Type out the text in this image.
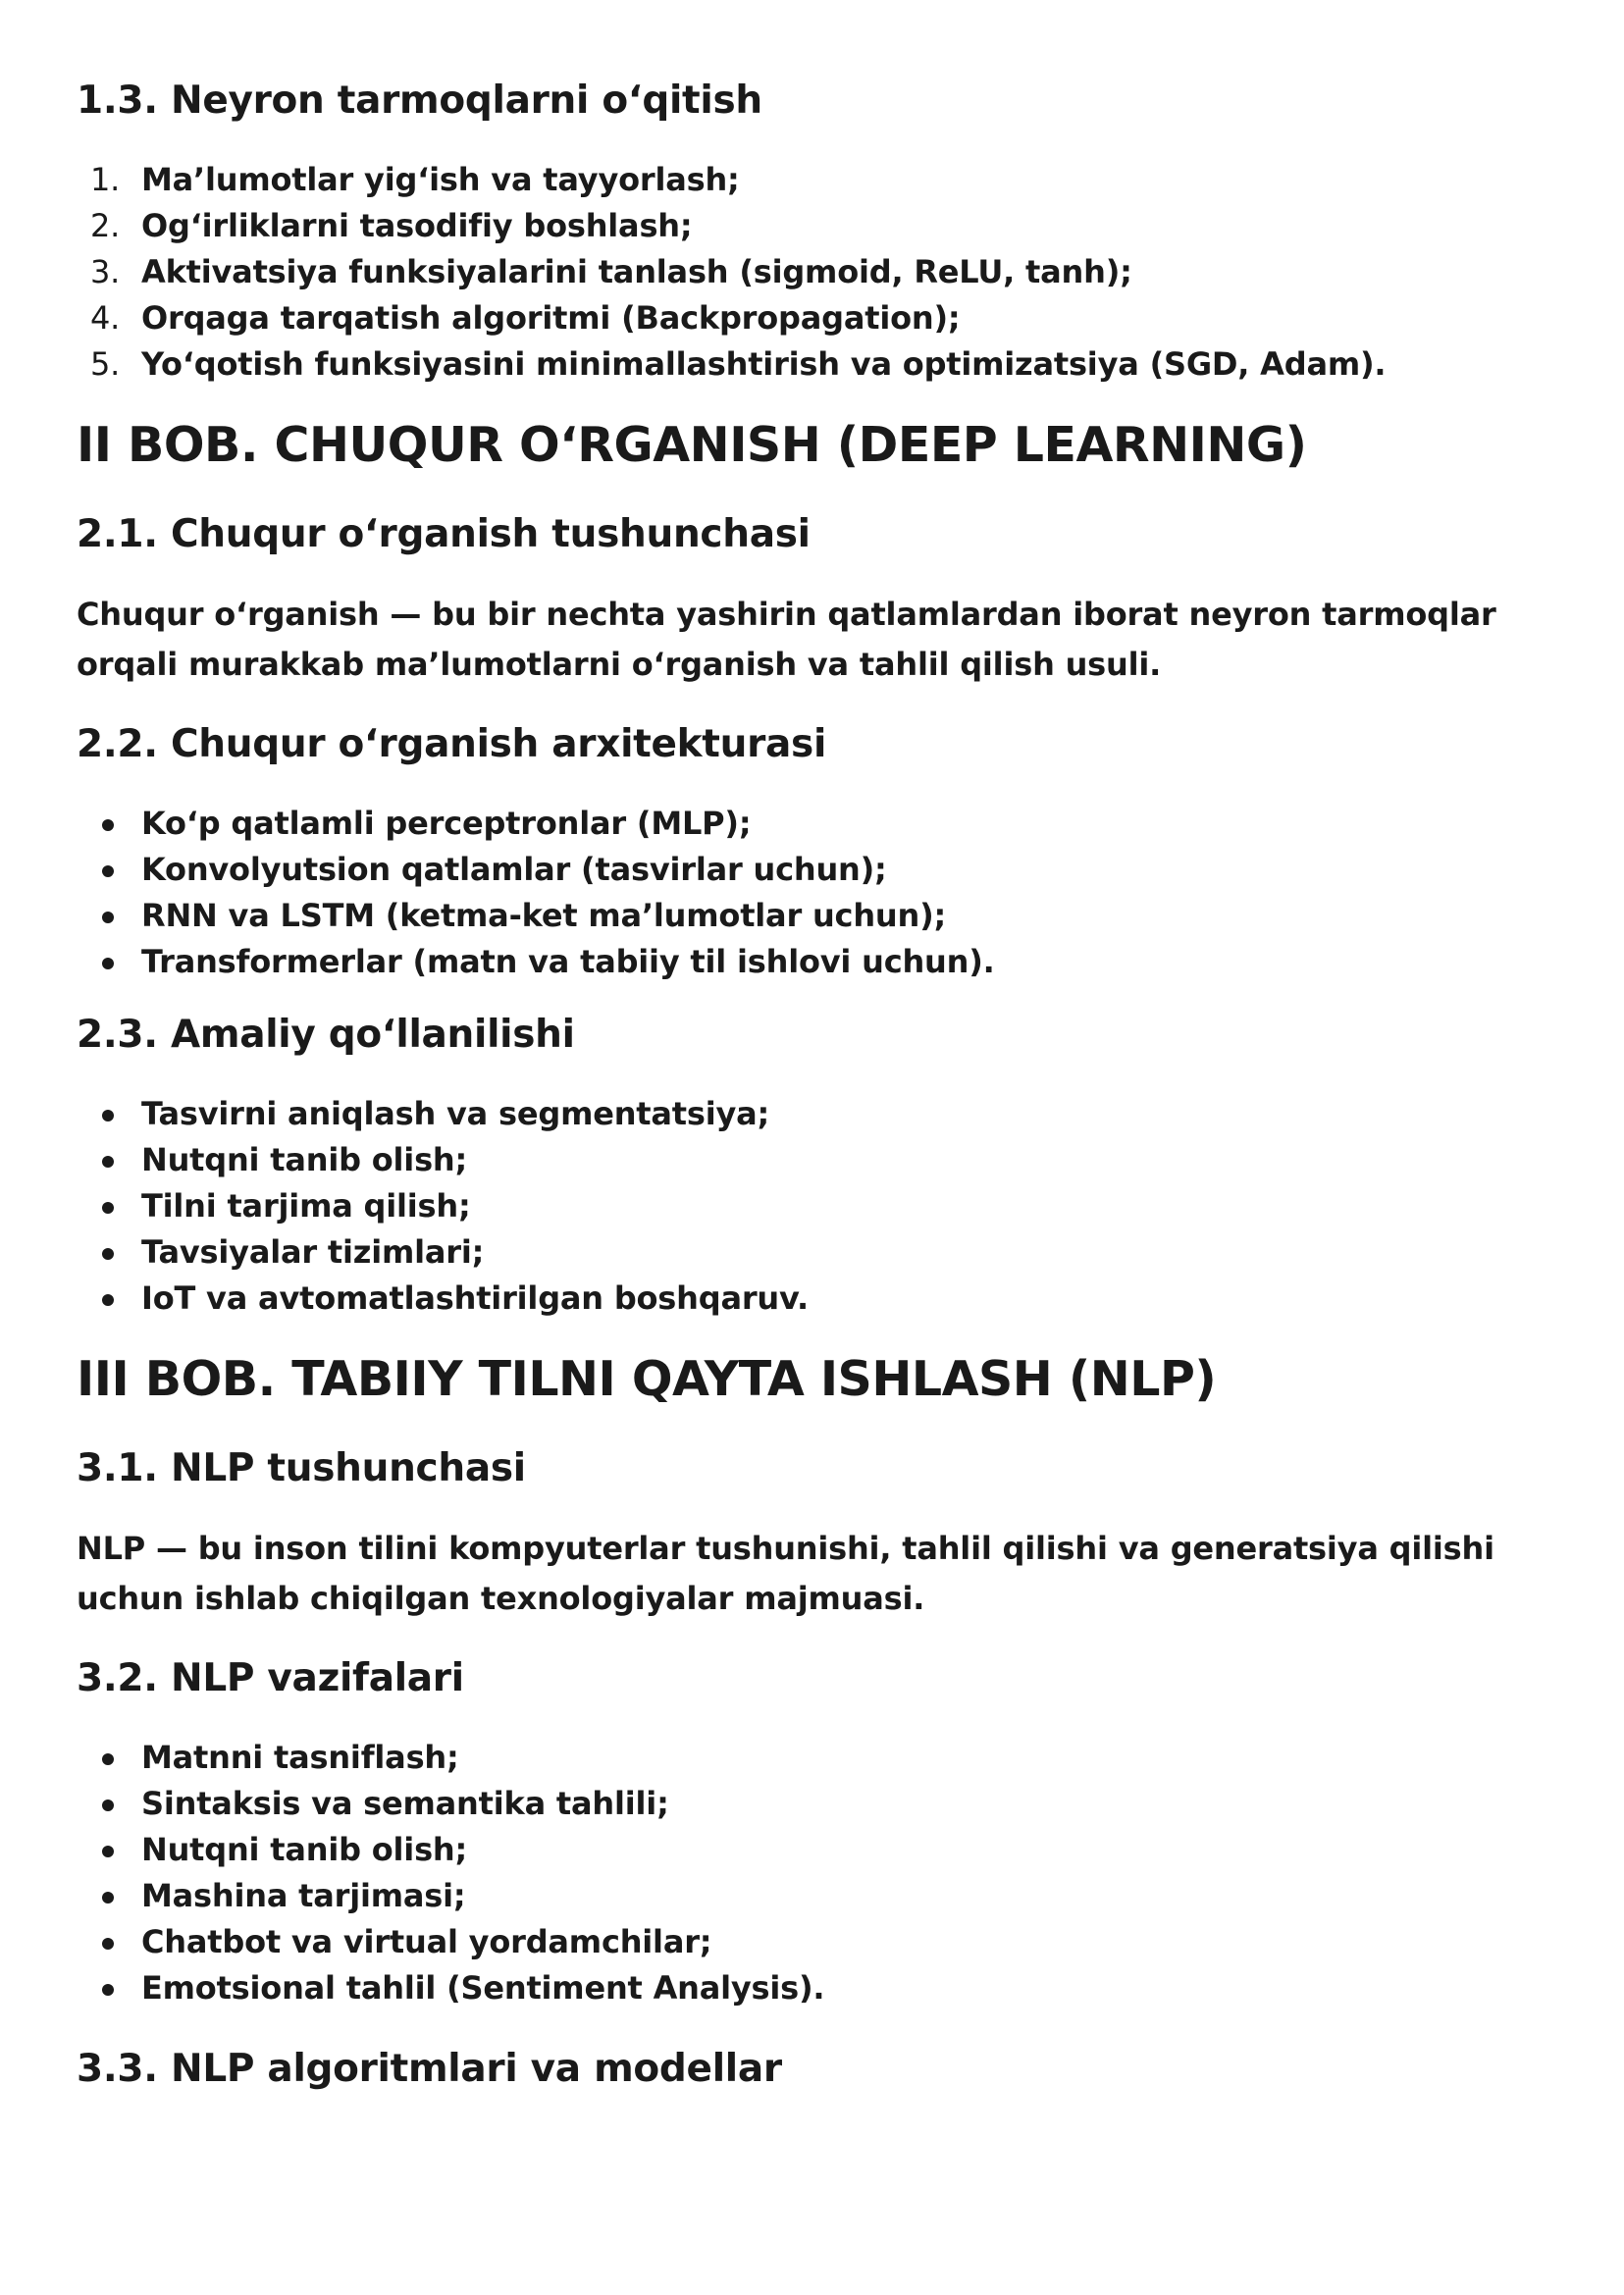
1.3. Neyron tarmoqlarni o‘qitish
1. Ma’lumotlar yig‘ish va tayyorlash;
2. Og‘irliklarni tasodifiy boshlash;
3. Aktivatsiya funksiyalarini tanlash (sigmoid, ReLU, tanh);
4. Orqaga tarqatish algoritmi (Backpropagation);
5. Yo‘qotish funksiyasini minimallashtirish va optimizatsiya (SGD, Adam).
II BOB. CHUQUR O‘RGANISH (DEEP LEARNING)
2.1. Chuqur o‘rganish tushunchasi

Chuqur o‘rganish — bu bir nechta yashirin qatlamlardan iborat neyron tarmoqlar orqali murakkab ma’lumotlarni o‘rganish va tahlil qilish usuli.

2.2. Chuqur o‘rganish arxitekturasi
Ko‘p qatlamli perceptronlar (MLP);
Konvolyutsion qatlamlar (tasvirlar uchun);
RNN va LSTM (ketma-ket ma’lumotlar uchun);
Transformerlar (matn va tabiiy til ishlovi uchun).
2.3. Amaliy qo‘llanilishi
Tasvirni aniqlash va segmentatsiya;
Nutqni tanib olish;
Tilni tarjima qilish;
Tavsiyalar tizimlari;
IoT va avtomatlashtirilgan boshqaruv.
III BOB. TABIIY TILNI QAYTA ISHLASH (NLP)
3.1. NLP tushunchasi

NLP — bu inson tilini kompyuterlar tushunishi, tahlil qilishi va generatsiya qilishi uchun ishlab chiqilgan texnologiyalar majmuasi.

3.2. NLP vazifalari
Matnni tasniflash;
Sintaksis va semantika tahlili;
Nutqni tanib olish;
Mashina tarjimasi;
Chatbot va virtual yordamchilar;
Emotsional tahlil (Sentiment Analysis).
3.3. NLP algoritmlari va modellar
